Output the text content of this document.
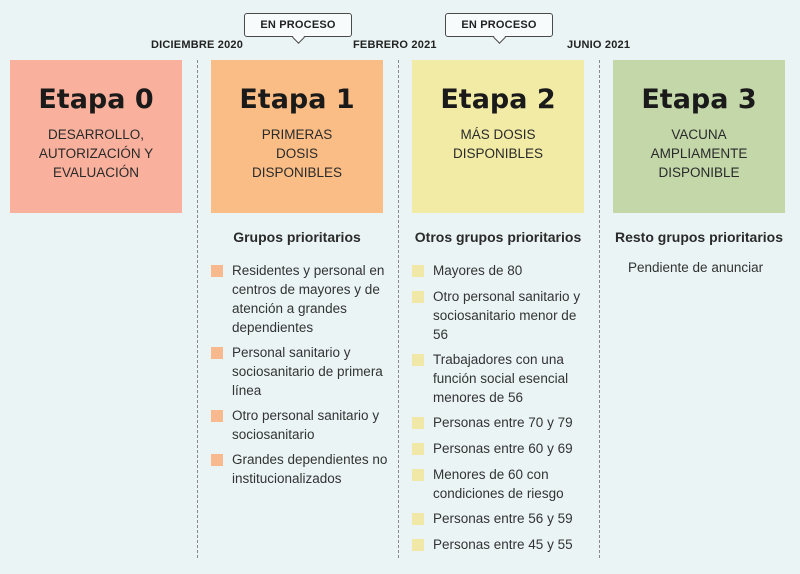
EN PROCESO	EN PROCESO
DICIEMBRE 2020	FEBRERO 2021	JUNIO 2021
Etapa 0

DESARROLLO, AUTORIZACIÓN Y EVALUACIÓN

Etapa 1

PRIMERAS DOSIS DISPONIBLES

Etapa 2

MÁS DOSIS DISPONIBLES

Etapa 3

VACUNA AMPLIAMENTE DISPONIBLE

Grupos prioritarios	Otros grupos prioritarios	Resto grupos prioritarios
Residentes y personal en centros de mayores y de atención a grandes dependientes
Personal sanitario y sociosanitario de primera línea
Otro personal sanitario y sociosanitario
Grandes dependientes no institucionalizados
Mayores de 80
Otro personal sanitario y sociosanitario menor de 56
Trabajadores con una función social esencial menores de 56
Personas entre 70 y 79
Personas entre 60 y 69
Menores de 60 con condiciones de riesgo
Personas entre 56 y 59
Personas entre 45 y 55
Pendiente de anunciar
